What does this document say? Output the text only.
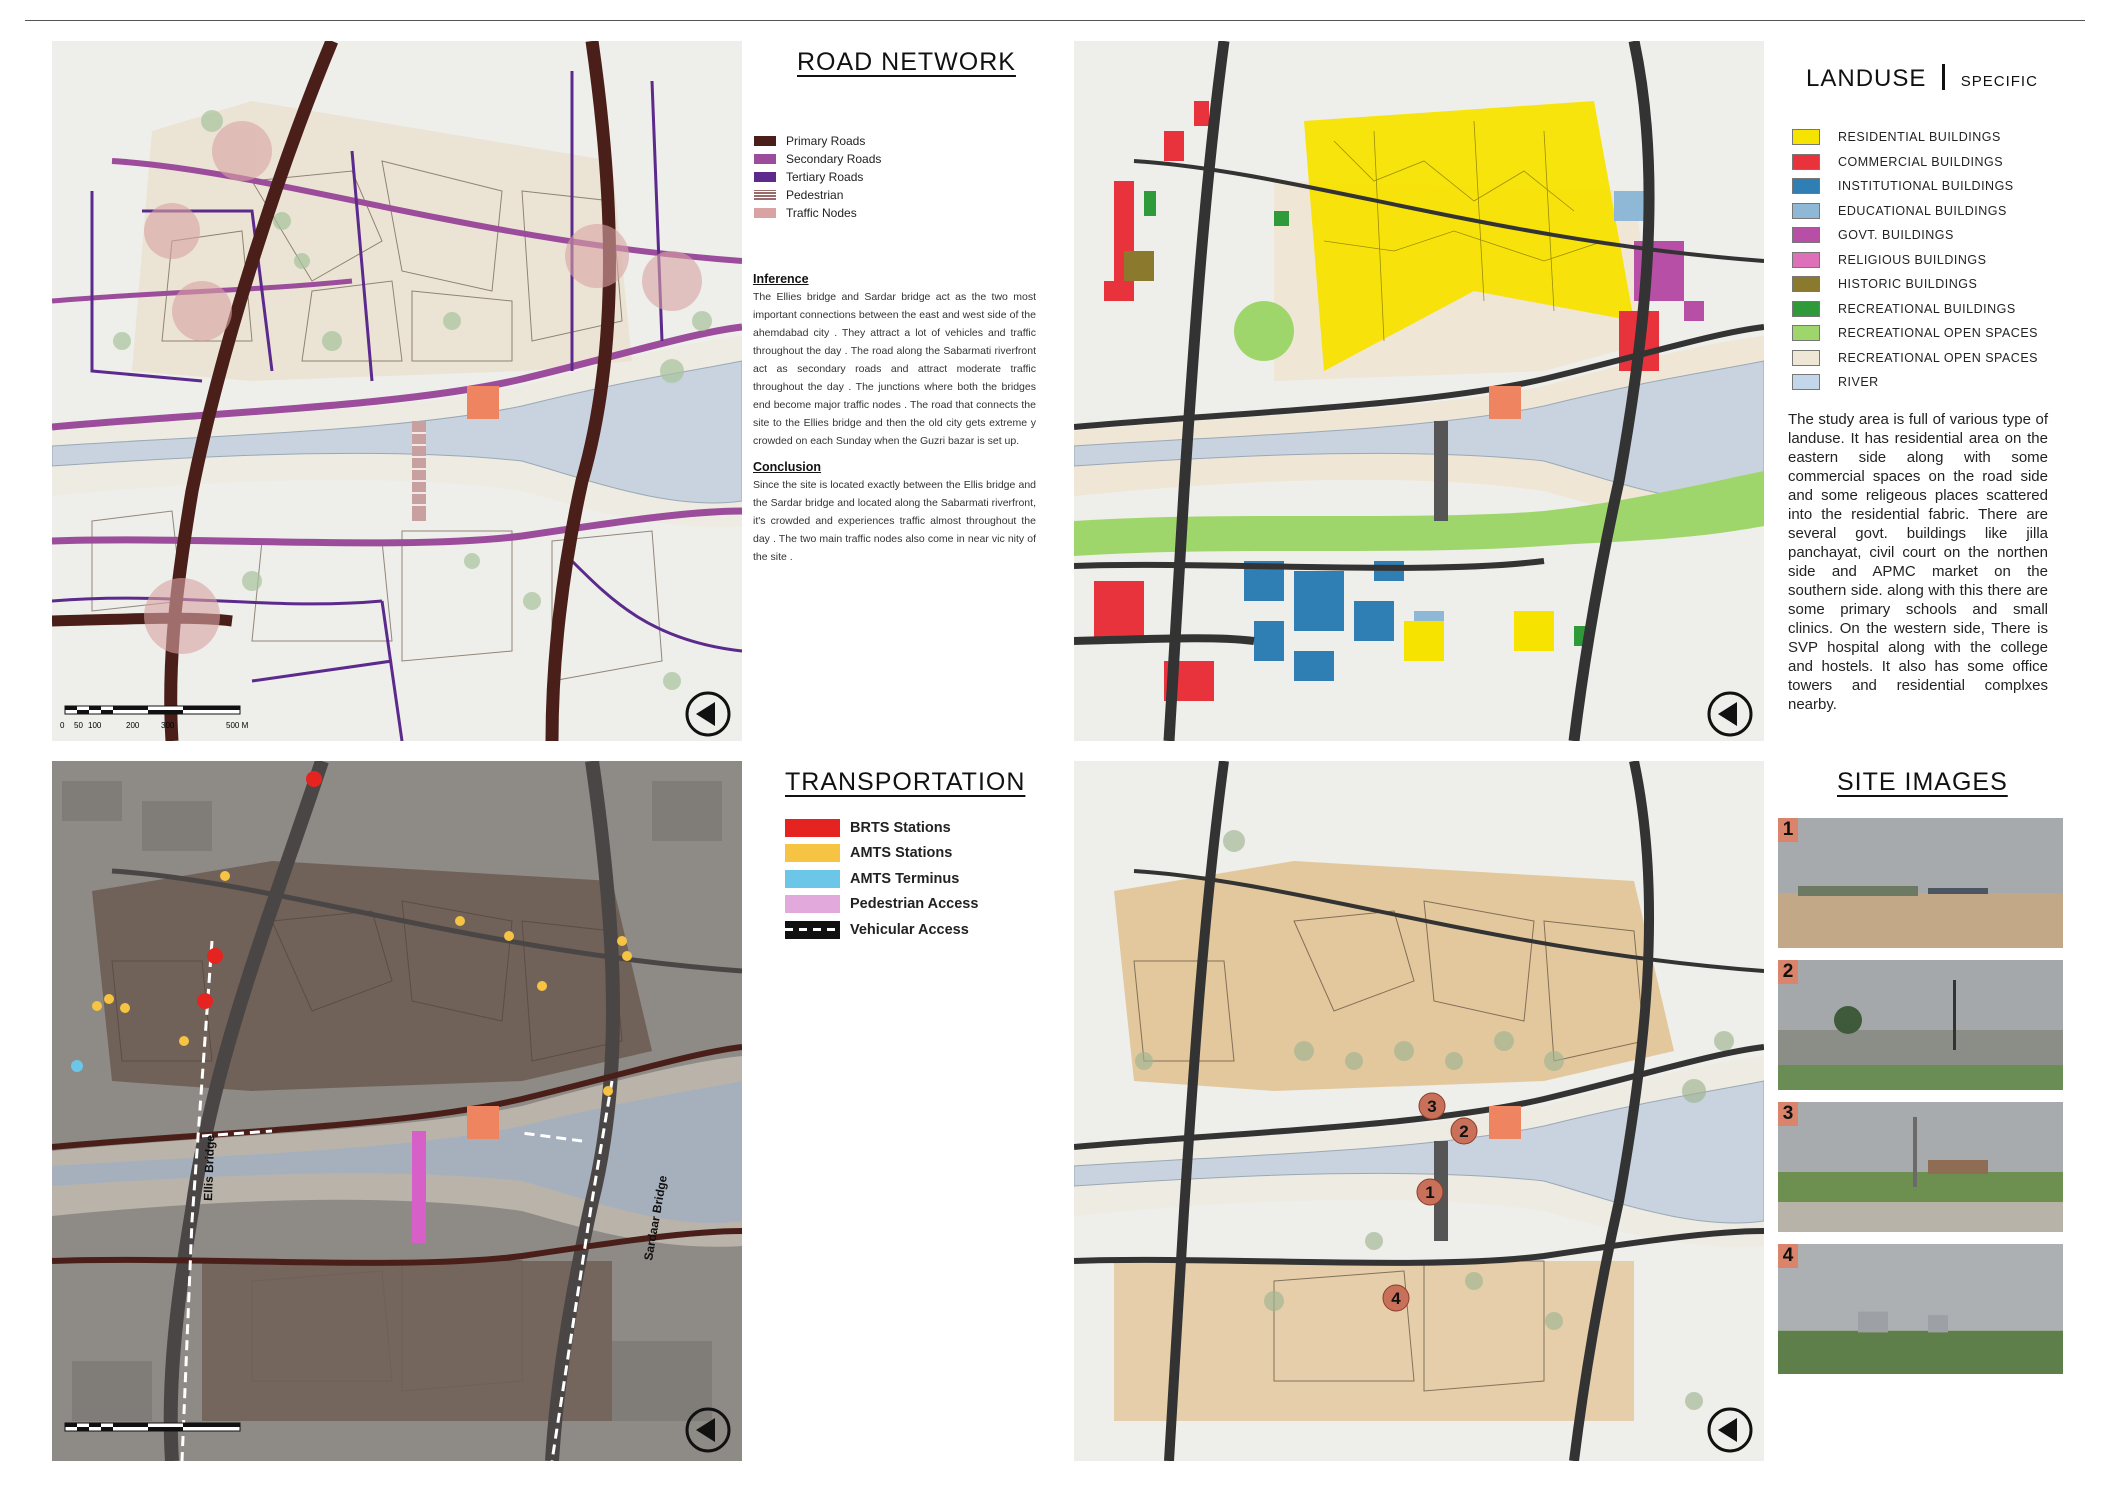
0 50 100	200	300	500 M
ROAD NETWORK
Primary Roads
Secondary Roads
Tertiary Roads
Pedestrian
Traffic Nodes
Inference

The Ellies bridge and Sardar bridge act as the two most important connections between the east and west side of the ahemdabad city . They attract a lot of vehicles and traffic throughout the day . The road along the Sabarmati riverfront act as secondary roads and attract moderate traffic throughout the day . The junctions where both the bridges end become major traffic nodes . The road that connects the site to the Ellies bridge and then the old city gets extreme y crowded on each Sunday when the Guzri bazar is set up.

Conclusion

Since the site is located exactly between the Ellis bridge and the Sardar bridge and located along the Sabarmati riverfront, it's crowded and experiences traffic almost throughout the day . The two main traffic nodes also come in near vic nity of the site .

LANDUSE SPECIFIC
RESIDENTIAL BUILDINGS
COMMERCIAL BUILDINGS
INSTITUTIONAL BUILDINGS
EDUCATIONAL BUILDINGS
GOVT. BUILDINGS
RELIGIOUS BUILDINGS
HISTORIC BUILDINGS
RECREATIONAL BUILDINGS
RECREATIONAL OPEN SPACES
RECREATIONAL OPEN SPACES
RIVER
The study area is full of various type of landuse. It has residential area on the eastern side along with some commercial spaces on the road side and some religeous places scattered into the residential fabric. There are several govt. buildings like jilla panchayat, civil court on the northen side and APMC market on the southern side. along with this there are some primary schools and small clinics. On the western side, There is SVP hospital along with the college and hostels. It also has some office towers and residential complxes nearby.
Ellis Bridge
Sardaar Bridge
TRANSPORTATION
BRTS Stations
AMTS Stations
AMTS Terminus
Pedestrian Access
Vehicular Access
1
2
3
4
SITE IMAGES
1
2
3
4
